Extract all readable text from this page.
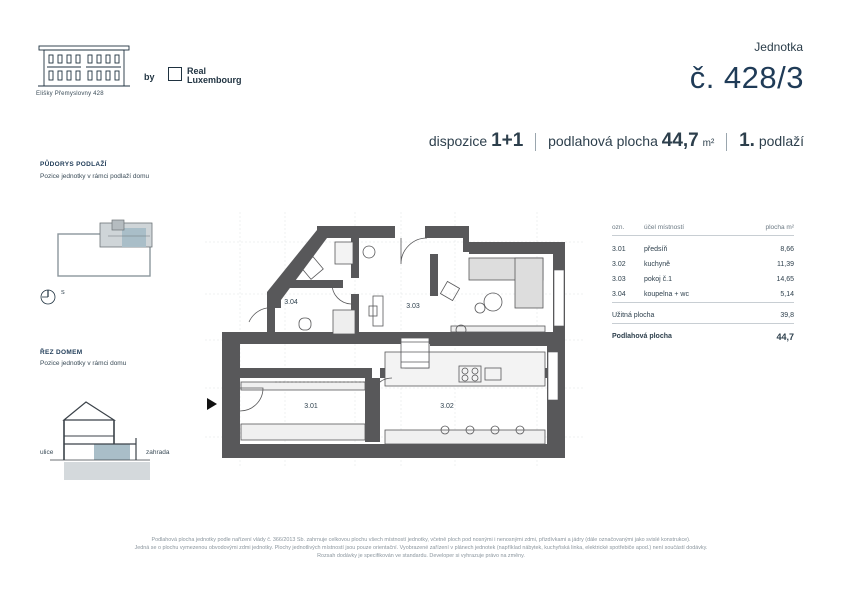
Elišky Přemyslovny 428
by
Real
Luxembourg
Jednotka
č. 428/3
dispozice 1+1 podlahová plocha 44,7 m² 1. podlaží
PŮDORYS PODLAŽÍ
Pozice jednotky v rámci podlaží domu
S
ŘEZ DOMEM
Pozice jednotky v rámci domu
ulice	zahrada
3.04
3.03
3.01	3.02
ozn.	účel místností	plocha m²

3.01	předsíň	8,66
3.02	kuchyně	11,39
3.03	pokoj č.1	14,65
3.04	koupelna + wc	5,14

Užitná plocha		39,8

Podlahová plocha		44,7
Podlahová plocha jednotky podle nařízení vlády č. 366/2013 Sb. zahrnuje celkovou plochu všech místností jednotky, včetně ploch pod nosnými i nenosnými zdmi, přizdívkami a jádry (dále označovanými jako svislé konstrukce).
Jedná se o plochu vymezenou obvodovými zdmi jednotky. Plochy jednotlivých místností jsou pouze orientační. Vyobrazené zařízení v plánech jednotek (například nábytek, kuchyňská linka, elektrické spotřebiče apod.) není součástí dodávky.
Rozsah dodávky je specifikován ve standardu. Developer si vyhrazuje právo na změny.
